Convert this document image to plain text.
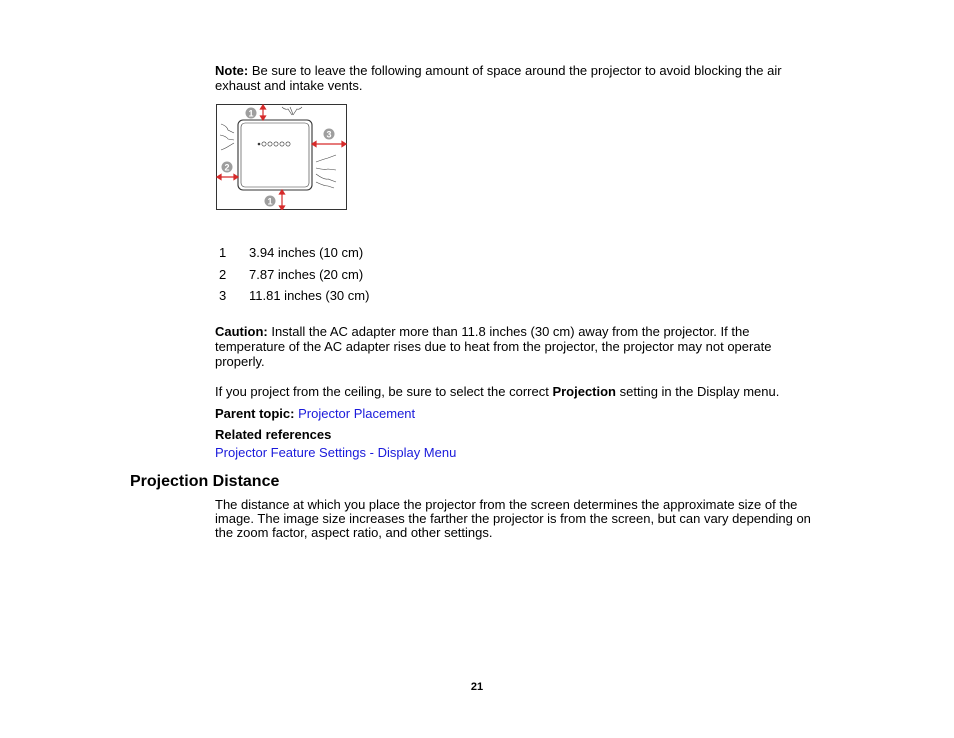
Note: Be sure to leave the following amount of space around the projector to avoid blocking the air exhaust and intake vents.
1
2
3
1
1 3.94 inches (10 cm)
2 7.87 inches (20 cm)
3 11.81 inches (30 cm)
Caution: Install the AC adapter more than 11.8 inches (30 cm) away from the projector. If the temperature of the AC adapter rises due to heat from the projector, the projector may not operate properly.
If you project from the ceiling, be sure to select the correct Projection setting in the Display menu.
Parent topic: Projector Placement
Related references
Projector Feature Settings - Display Menu
Projection Distance
The distance at which you place the projector from the screen determines the approximate size of the image. The image size increases the farther the projector is from the screen, but can vary depending on the zoom factor, aspect ratio, and other settings.
21
